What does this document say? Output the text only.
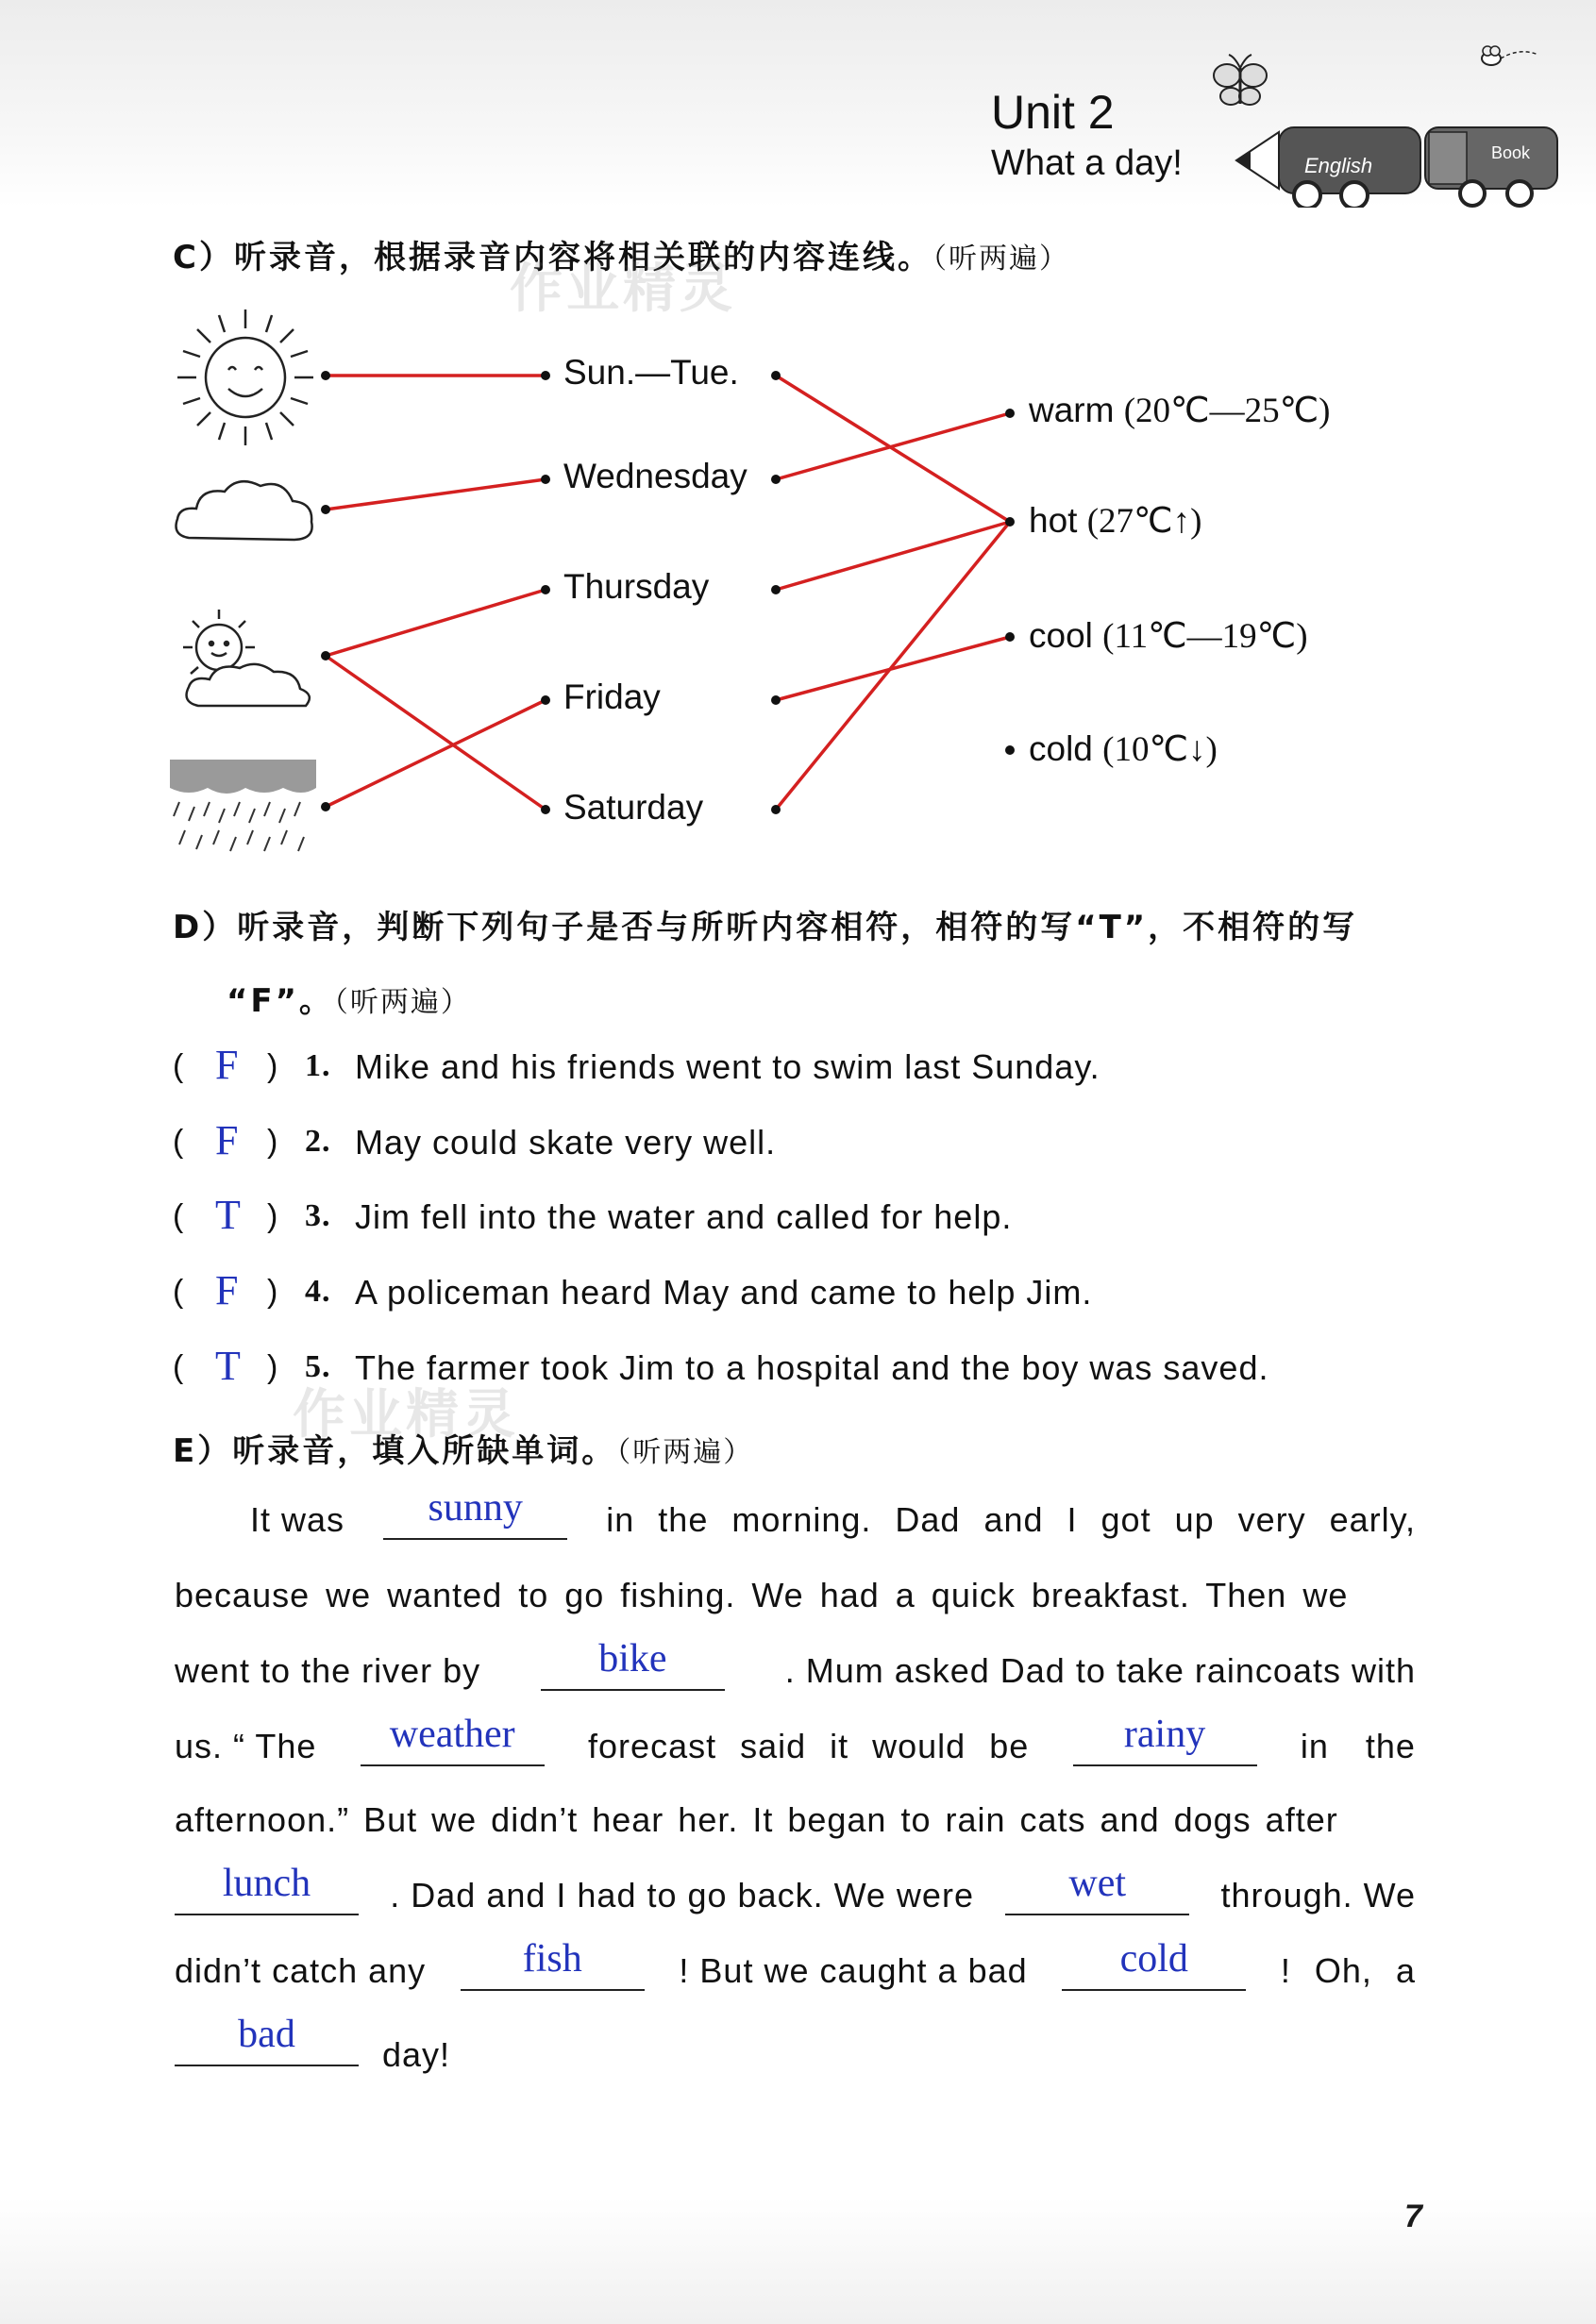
Unit 2
What a day!	English
Book
C）听录音，根据录音内容将相关联的内容连线。（听两遍）
Sun.—Tue.
Wednesday
Thursday
Friday
Saturday
warm (20℃—25℃)
hot (27℃↑)
cool (11℃—19℃)
cold (10℃↓)
作业精灵
作业精灵
D）听录音，判断下列句子是否与所听内容相符，相符的写“T”，不相符的写
“F”。（听两遍）
( F ) 1. Mike and his friends went to swim last Sunday.
( F ) 2. May could skate very well.
( T ) 3. Jim fell into the water and called for help.
( F ) 4. A policeman heard May and came to help Jim.
( T ) 5. The farmer took Jim to a hospital and the boy was saved.
E）听录音，填入所缺单词。（听两遍）
It was	sunny	in the morning. Dad and I got up very early,
because we wanted to go fishing. We had a quick breakfast. Then we
went to the river by	bike	. Mum asked Dad to take raincoats with
us. “ The	weather	forecast said it would be	rainy	in the
afternoon.” But we didn’t hear her. It began to rain cats and dogs after
lunch	. Dad and I had to go back. We were	wet	through. We
didn’t catch any	fish	! But we caught a bad	cold	! Oh, a
bad	day!
7
